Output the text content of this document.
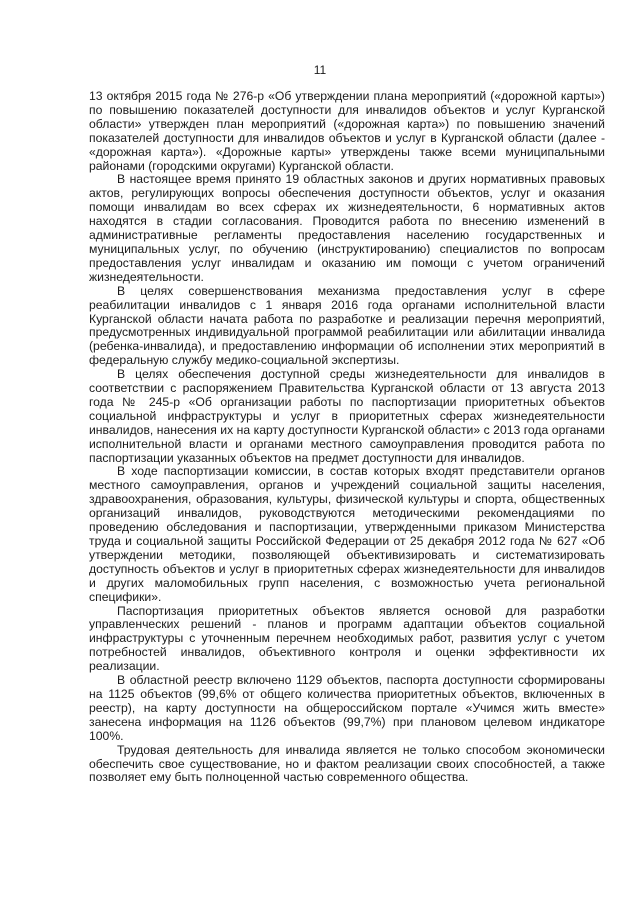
11

13 октября 2015 года № 276-р «Об утверждении плана мероприятий («дорожной карты») по повышению показателей доступности для инвалидов объектов и услуг Курганской области» утвержден план мероприятий («дорожная карта») по повышению значений показателей доступности для инвалидов объектов и услуг в Курганской области (далее - «дорожная карта»). «Дорожные карты» утверждены также всеми муниципальными районами (городскими округами) Курганской области.

В настоящее время принято 19 областных законов и других нормативных правовых актов, регулирующих вопросы обеспечения доступности объектов, услуг и оказания помощи инвалидам во всех сферах их жизнедеятельности, 6 нормативных актов находятся в стадии согласования. Проводится работа по внесению изменений в административные регламенты предоставления населению государственных и муниципальных услуг, по обучению (инструктированию) специалистов по вопросам предоставления услуг инвалидам и оказанию им помощи с учетом ограничений жизнедеятельности.

В целях совершенствования механизма предоставления услуг в сфере реабилитации инвалидов с 1 января 2016 года органами исполнительной власти Курганской области начата работа по разработке и реализации перечня мероприятий, предусмотренных индивидуальной программой реабилитации или абилитации инвалида (ребенка-инвалида), и предоставлению информации об исполнении этих мероприятий в федеральную службу медико-социальной экспертизы.

В целях обеспечения доступной среды жизнедеятельности для инвалидов в соответствии с распоряжением Правительства Курганской области от 13 августа 2013 года № 245-р «Об организации работы по паспортизации приоритетных объектов социальной инфраструктуры и услуг в приоритетных сферах жизнедеятельности инвалидов, нанесения их на карту доступности Курганской области» с 2013 года органами исполнительной власти и органами местного самоуправления проводится работа по паспортизации указанных объектов на предмет доступности для инвалидов.

В ходе паспортизации комиссии, в состав которых входят представители органов местного самоуправления, органов и учреждений социальной защиты населения, здравоохранения, образования, культуры, физической культуры и спорта, общественных организаций инвалидов, руководствуются методическими рекомендациями по проведению обследования и паспортизации, утвержденными приказом Министерства труда и социальной защиты Российской Федерации от 25 декабря 2012 года № 627 «Об утверждении методики, позволяющей объективизировать и систематизировать доступность объектов и услуг в приоритетных сферах жизнедеятельности для инвалидов и других маломобильных групп населения, с возможностью учета региональной специфики».

Паспортизация приоритетных объектов является основой для разработки управленческих решений - планов и программ адаптации объектов социальной инфраструктуры с уточненным перечнем необходимых работ, развития услуг с учетом потребностей инвалидов, объективного контроля и оценки эффективности их реализации.

В областной реестр включено 1129 объектов, паспорта доступности сформированы на 1125 объектов (99,6% от общего количества приоритетных объектов, включенных в реестр), на карту доступности на общероссийском портале «Учимся жить вместе» занесена информация на 1126 объектов (99,7%) при плановом целевом индикаторе 100%.

Трудовая деятельность для инвалида является не только способом экономически обеспечить свое существование, но и фактом реализации своих способностей, а также позволяет ему быть полноценной частью современного общества.
